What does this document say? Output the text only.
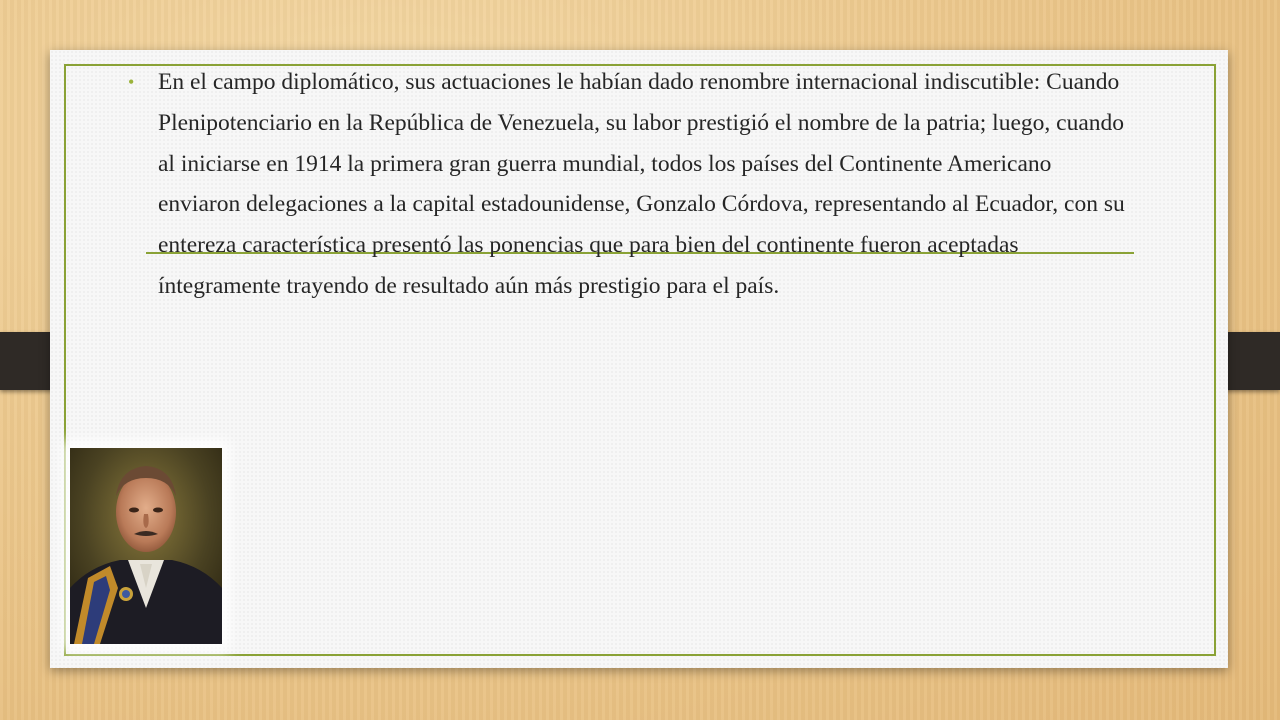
• En el campo diplomático, sus actuaciones le habían dado renombre internacional indiscutible: Cuando Plenipotenciario en la República de Venezuela, su labor prestigió el nombre de la patria; luego, cuando al iniciarse en 1914 la primera gran guerra mundial, todos los países del Continente Americano enviaron delegaciones a la capital estadounidense, Gonzalo Córdova, representando al Ecuador, con su entereza característica presentó las ponencias que para bien del continente fueron aceptadas íntegramente trayendo de resultado aún más prestigio para el país.
